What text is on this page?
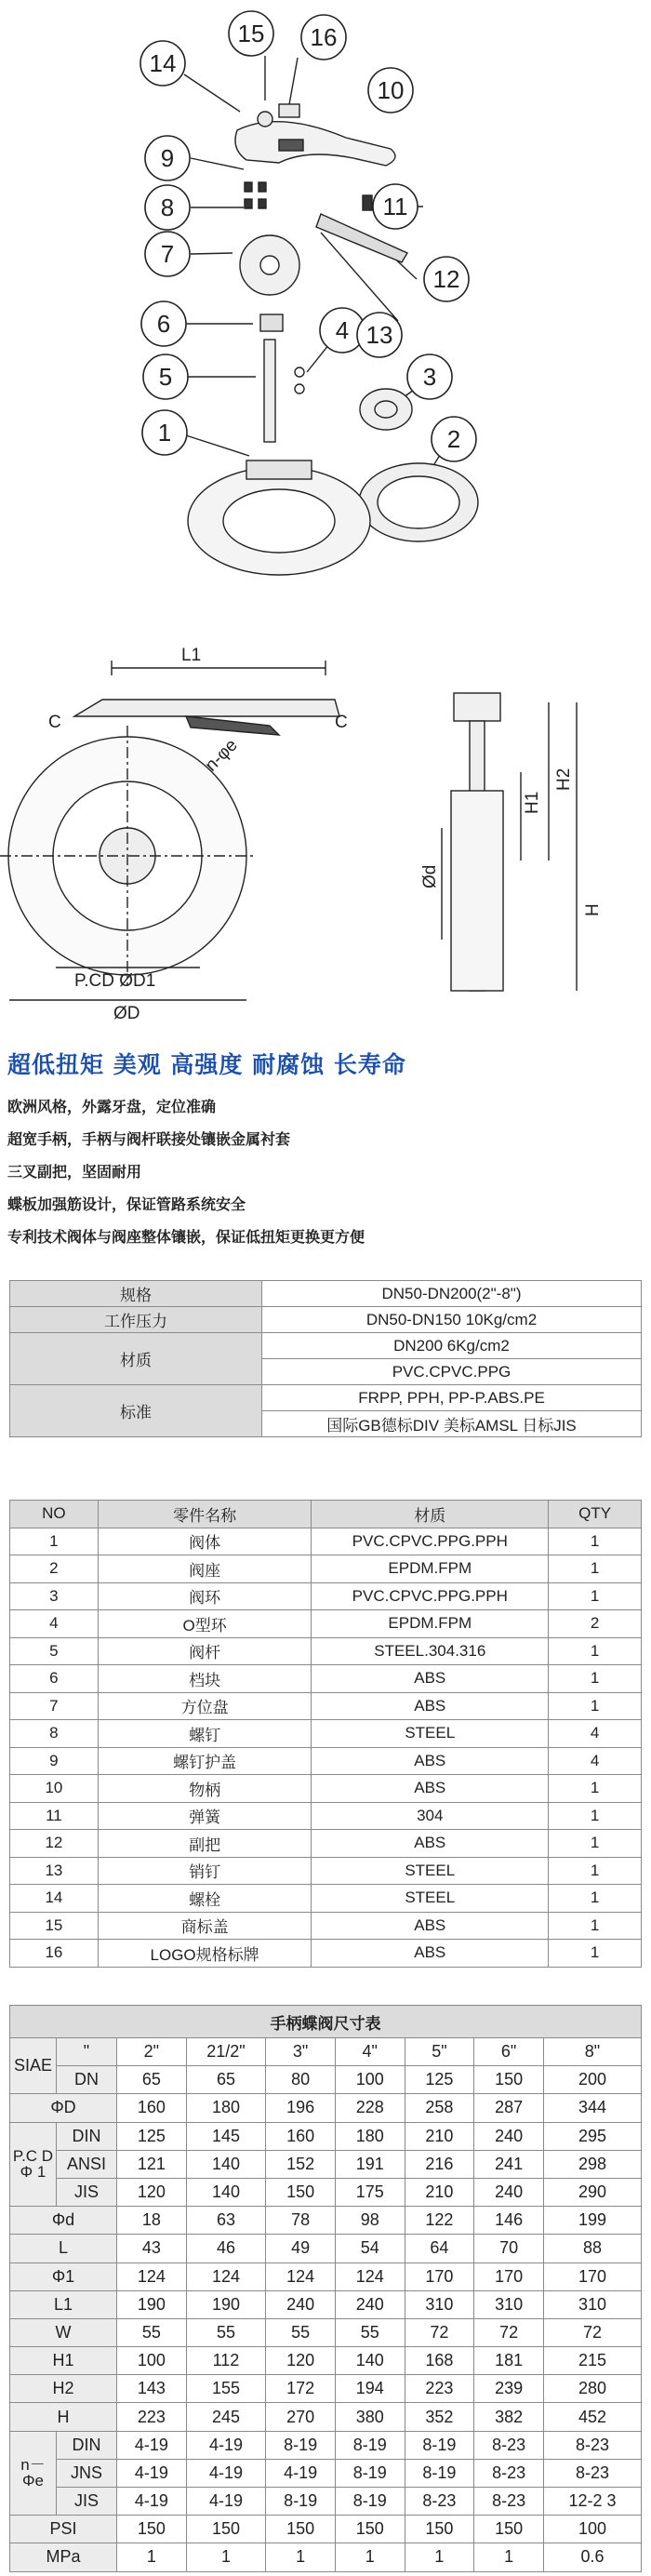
1	2
3
4
5
6
7
8
9
10
11
12
13
14
15 16
L1
C	C
n-φe
P.CD ØD1
ØD
H1
H2
H
Ød
超低扭矩 美观 高强度 耐腐蚀 长寿命
欧洲风格，外露牙盘，定位准确
超宽手柄，手柄与阀杆联接处镶嵌金属衬套
三叉副把，坚固耐用
蝶板加强筋设计，保证管路系统安全
专利技术阀体与阀座整体镶嵌，保证低扭矩更换更方便
规格	DN50-DN200(2"-8")
工作压力	DN50-DN150 10Kg/cm2
材质	DN200 6Kg/cm2
	PVC.CPVC.PPG
标准	FRPP, PPH, PP-P.ABS.PE
	国际GB德标DIV 美标AMSL 日标JIS
NO	零件名称	材质	QTY
1	阀体	PVC.CPVC.PPG.PPH	1
2	阀座	EPDM.FPM	1
3	阀环	PVC.CPVC.PPG.PPH	1
4	O型环	EPDM.FPM	2
5	阀杆	STEEL.304.316	1
6	档块	ABS	1
7	方位盘	ABS	1
8	螺钉	STEEL	4
9	螺钉护盖	ABS	4
10	物柄	ABS	1
11	弹簧	304	1
12	副把	ABS	1
13	销钉	STEEL	1
14	螺栓	STEEL	1
15	商标盖	ABS	1
16	LOGO规格标牌	ABS	1
手柄蝶阀尺寸表								
SIAE	"	2"	21/2"	3"	4"	5"	6"	8"
	DN	65	65	80	100	125	150	200
ΦD		160	180	196	228	258	287	344
P.C D Φ 1	DIN	125	145	160	180	210	240	295
	ANSI	121	140	152	191	216	241	298
	JIS	120	140	150	175	210	240	290
Φd		18	63	78	98	122	146	199
L		43	46	49	54	64	70	88
Φ1		124	124	124	124	170	170	170
L1		190	190	240	240	310	310	310
W		55	55	55	55	72	72	72
H1		100	112	120	140	168	181	215
H2		143	155	172	194	223	239	280
H		223	245	270	380	352	382	452
n－Φe	DIN	4-19	4-19	8-19	8-19	8-19	8-23	8-23
	JNS	4-19	4-19	4-19	8-19	8-19	8-23	8-23
	JIS	4-19	4-19	8-19	8-19	8-23	8-23	12-2 3
PSI		150	150	150	150	150	150	100
MPa		1	1	1	1	1	1	0.6
